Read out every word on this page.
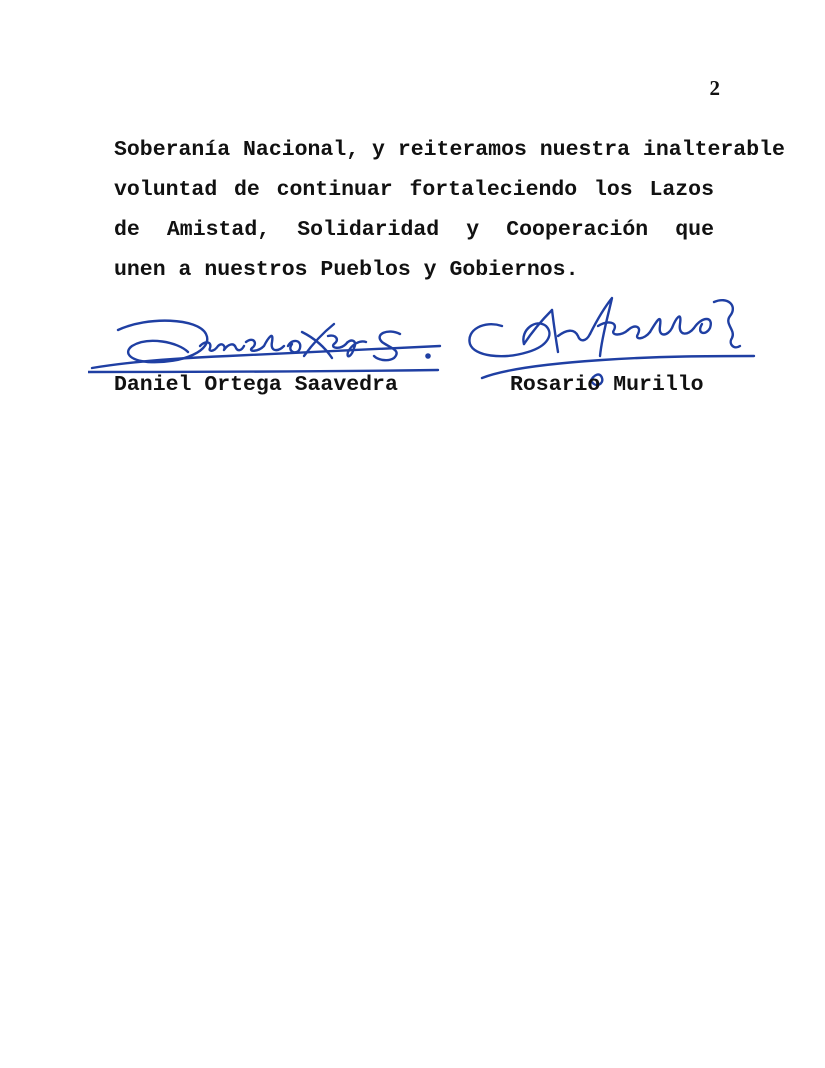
2
Soberanía Nacional, y reiteramos nuestra inalterable
voluntad de continuar fortaleciendo los Lazos
de Amistad, Solidaridad y Cooperación que
unen a nuestros Pueblos y Gobiernos.
Daniel Ortega Saavedra	Rosario Murillo
